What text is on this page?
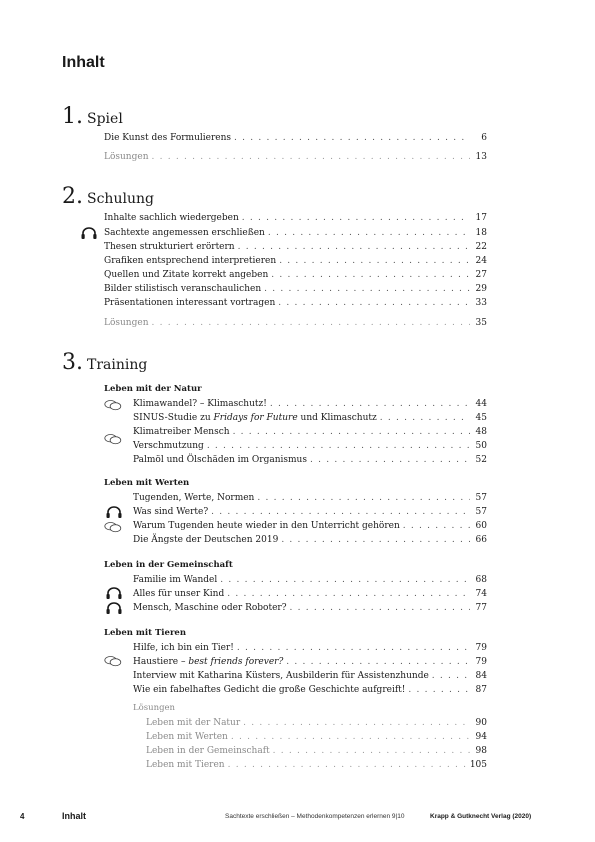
Inhalt
1. Spiel
Die Kunst des Formulierens . . .	6
Lösungen . . .	13
2. Schulung
Inhalte sachlich wiedergeben . . .	17
Sachtexte angemessen erschließen . . .	18
Thesen strukturiert erörtern . . .	22
Grafiken entsprechend interpretieren . . .	24
Quellen und Zitate korrekt angeben . . .	27
Bilder stilistisch veranschaulichen . . .	29
Präsentationen interessant vortragen . . .	33
Lösungen . . .	35
3. Training
Leben mit der Natur
Klimawandel? – Klimaschutz! . . .	44
SINUS-Studie zu Fridays for Future und Klimaschutz . . .	45
Klimatreiber Mensch . . .	48
Verschmutzung . . .	50
Palmöl und Ölschäden im Organismus . . .	52
Leben mit Werten
Tugenden, Werte, Normen . . .	57
Was sind Werte? . . .	57
Warum Tugenden heute wieder in den Unterricht gehören . . .	60
Die Ängste der Deutschen 2019 . . .	66
Leben in der Gemeinschaft
Familie im Wandel . . .	68
Alles für unser Kind . . .	74
Mensch, Maschine oder Roboter? . . .	77
Leben mit Tieren
Hilfe, ich bin ein Tier! . . .	79
Haustiere – best friends forever? . . .	79
Interview mit Katharina Küsters, Ausbilderin für Assistenzhunde . . .	84
Wie ein fabelhaftes Gedicht die große Geschichte aufgreift! . . .	87
Lösungen
Leben mit der Natur . . .	90
Leben mit Werten . . .	94
Leben in der Gemeinschaft . . .	98
Leben mit Tieren . . .	105
4	Inhalt	Sachtexte erschließen – Methodenkompetenzen erlernen 9|10	Krapp & Gutknecht Verlag (2020)
